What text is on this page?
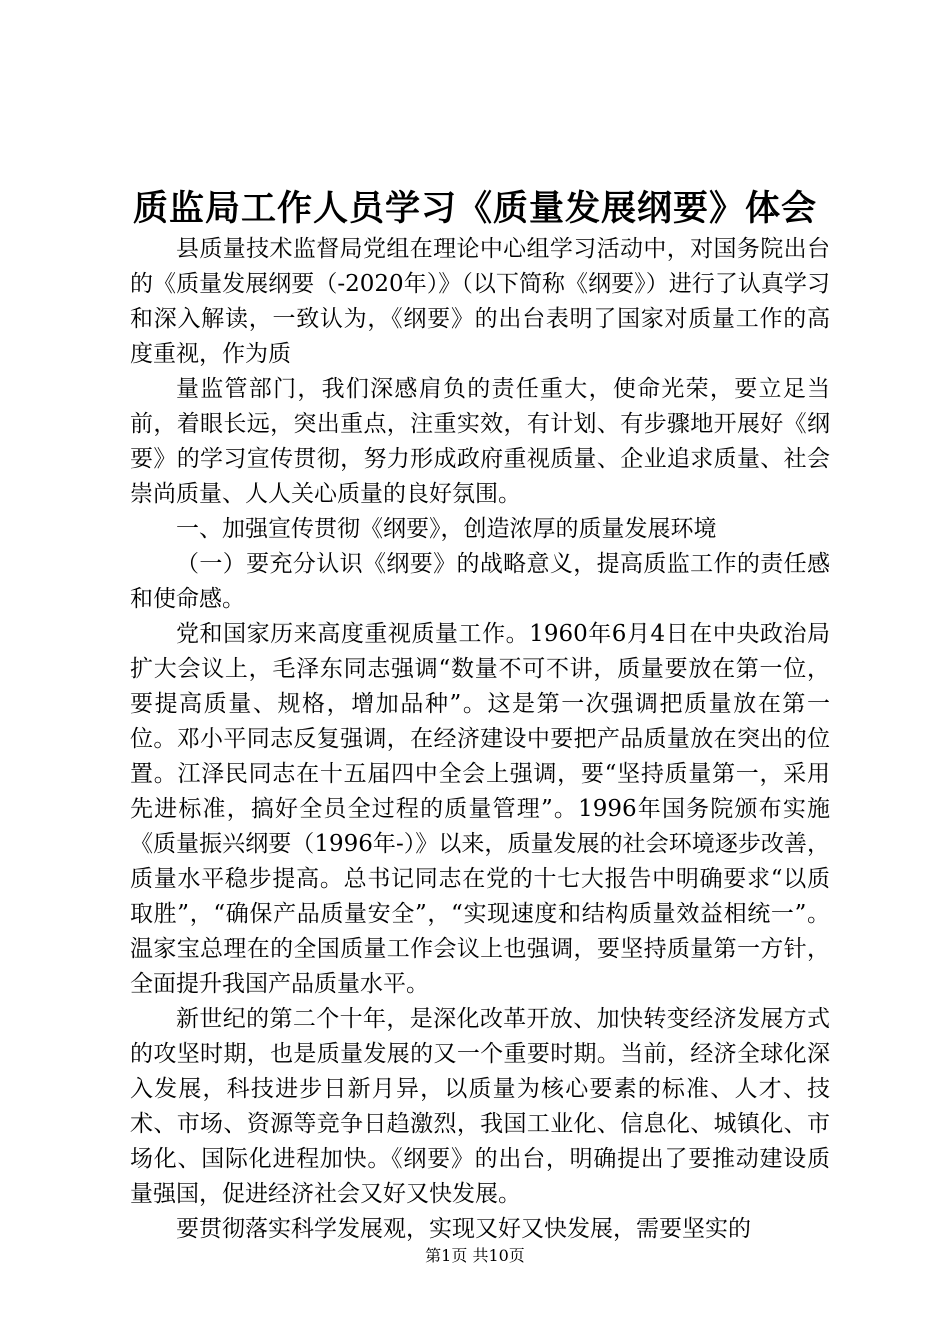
质监局工作人员学习《质量发展纲要》体会

县质量技术监督局党组在理论中心组学习活动中，对国务院出台的《质量发展纲要（-2020年）》（以下简称《纲要》）进行了认真学习和深入解读，一致认为，《纲要》的出台表明了国家对质量工作的高度重视，作为质

量监管部门，我们深感肩负的责任重大，使命光荣，要立足当前，着眼长远，突出重点，注重实效，有计划、有步骤地开展好《纲要》的学习宣传贯彻，努力形成政府重视质量、企业追求质量、社会崇尚质量、人人关心质量的良好氛围。

一、加强宣传贯彻《纲要》，创造浓厚的质量发展环境

（一）要充分认识《纲要》的战略意义，提高质监工作的责任感和使命感。

党和国家历来高度重视质量工作。1960年6月4日在中央政治局扩大会议上，毛泽东同志强调“数量不可不讲，质量要放在第一位，要提高质量、规格，增加品种”。这是第一次强调把质量放在第一位。邓小平同志反复强调，在经济建设中要把产品质量放在突出的位置。江泽民同志在十五届四中全会上强调，要“坚持质量第一，采用先进标准，搞好全员全过程的质量管理”。1996年国务院颁布实施《质量振兴纲要（1996年-）》以来，质量发展的社会环境逐步改善，质量水平稳步提高。总书记同志在党的十七大报告中明确要求“以质取胜”，“确保产品质量安全”，“实现速度和结构质量效益相统一”。温家宝总理在的全国质量工作会议上也强调，要坚持质量第一方针，全面提升我国产品质量水平。

新世纪的第二个十年，是深化改革开放、加快转变经济发展方式的攻坚时期，也是质量发展的又一个重要时期。当前，经济全球化深入发展，科技进步日新月异，以质量为核心要素的标准、人才、技术、市场、资源等竞争日趋激烈，我国工业化、信息化、城镇化、市场化、国际化进程加快。《纲要》的出台，明确提出了要推动建设质量强国，促进经济社会又好又快发展。

要贯彻落实科学发展观，实现又好又快发展，需要坚实的

第1页 共10页
